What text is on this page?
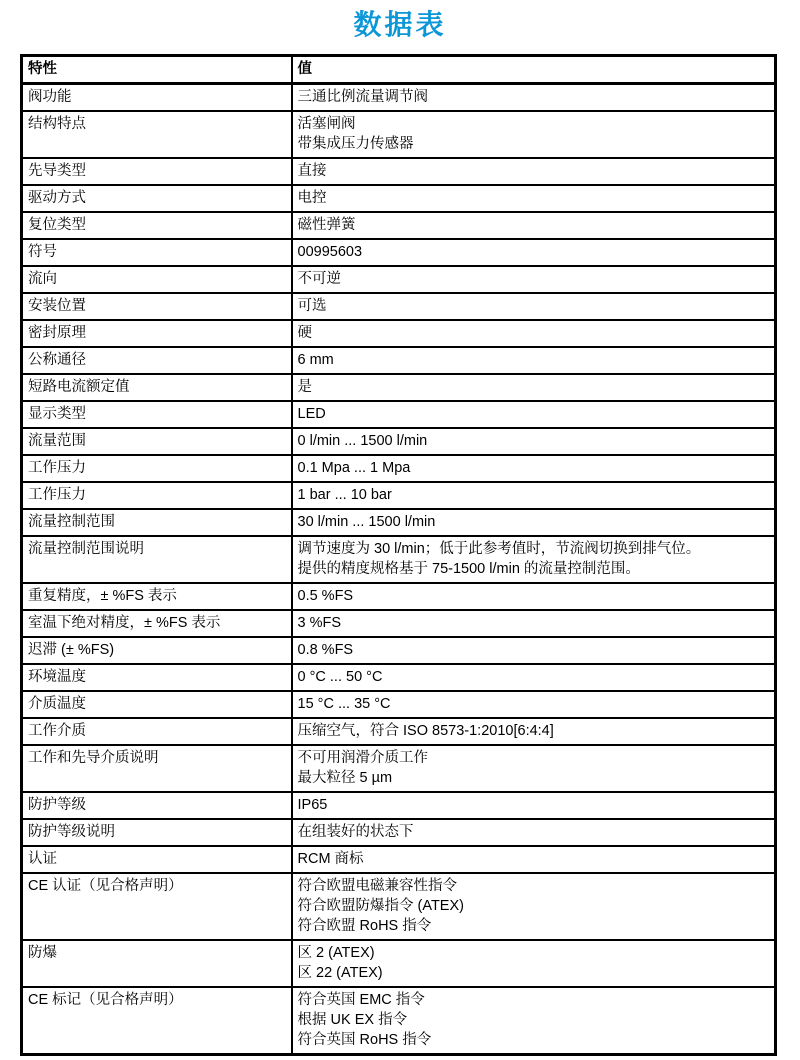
数据表
特性	值
阀功能	三通比例流量调节阀

结构特点	活塞闸阀
带集成压力传感器

先导类型	直接

驱动方式	电控

复位类型	磁性弹簧

符号	00995603

流向	不可逆

安装位置	可选

密封原理	硬

公称通径	6 mm

短路电流额定值	是

显示类型	LED

流量范围	0 l/min ... 1500 l/min

工作压力	0.1 Mpa ... 1 Mpa

工作压力	1 bar ... 10 bar

流量控制范围	30 l/min ... 1500 l/min

流量控制范围说明	调节速度为 30 l/min；低于此参考值时，节流阀切换到排气位。
提供的精度规格基于 75-1500 l/min 的流量控制范围。

重复精度，± %FS 表示	0.5 %FS

室温下绝对精度，± %FS 表示	3 %FS

迟滞 (± %FS)	0.8 %FS

环境温度	0 °C ... 50 °C

介质温度	15 °C ... 35 °C

工作介质	压缩空气，符合 ISO 8573-1:2010[6:4:4]

工作和先导介质说明	不可用润滑介质工作
最大粒径 5 µm

防护等级	IP65

防护等级说明	在组装好的状态下

认证	RCM 商标

CE 认证（见合格声明）	符合欧盟电磁兼容性指令
符合欧盟防爆指令 (ATEX)
符合欧盟 RoHS 指令

防爆	区 2 (ATEX)
区 22 (ATEX)

CE 标记（见合格声明）	符合英国 EMC 指令
根据 UK EX 指令
符合英国 RoHS 指令
